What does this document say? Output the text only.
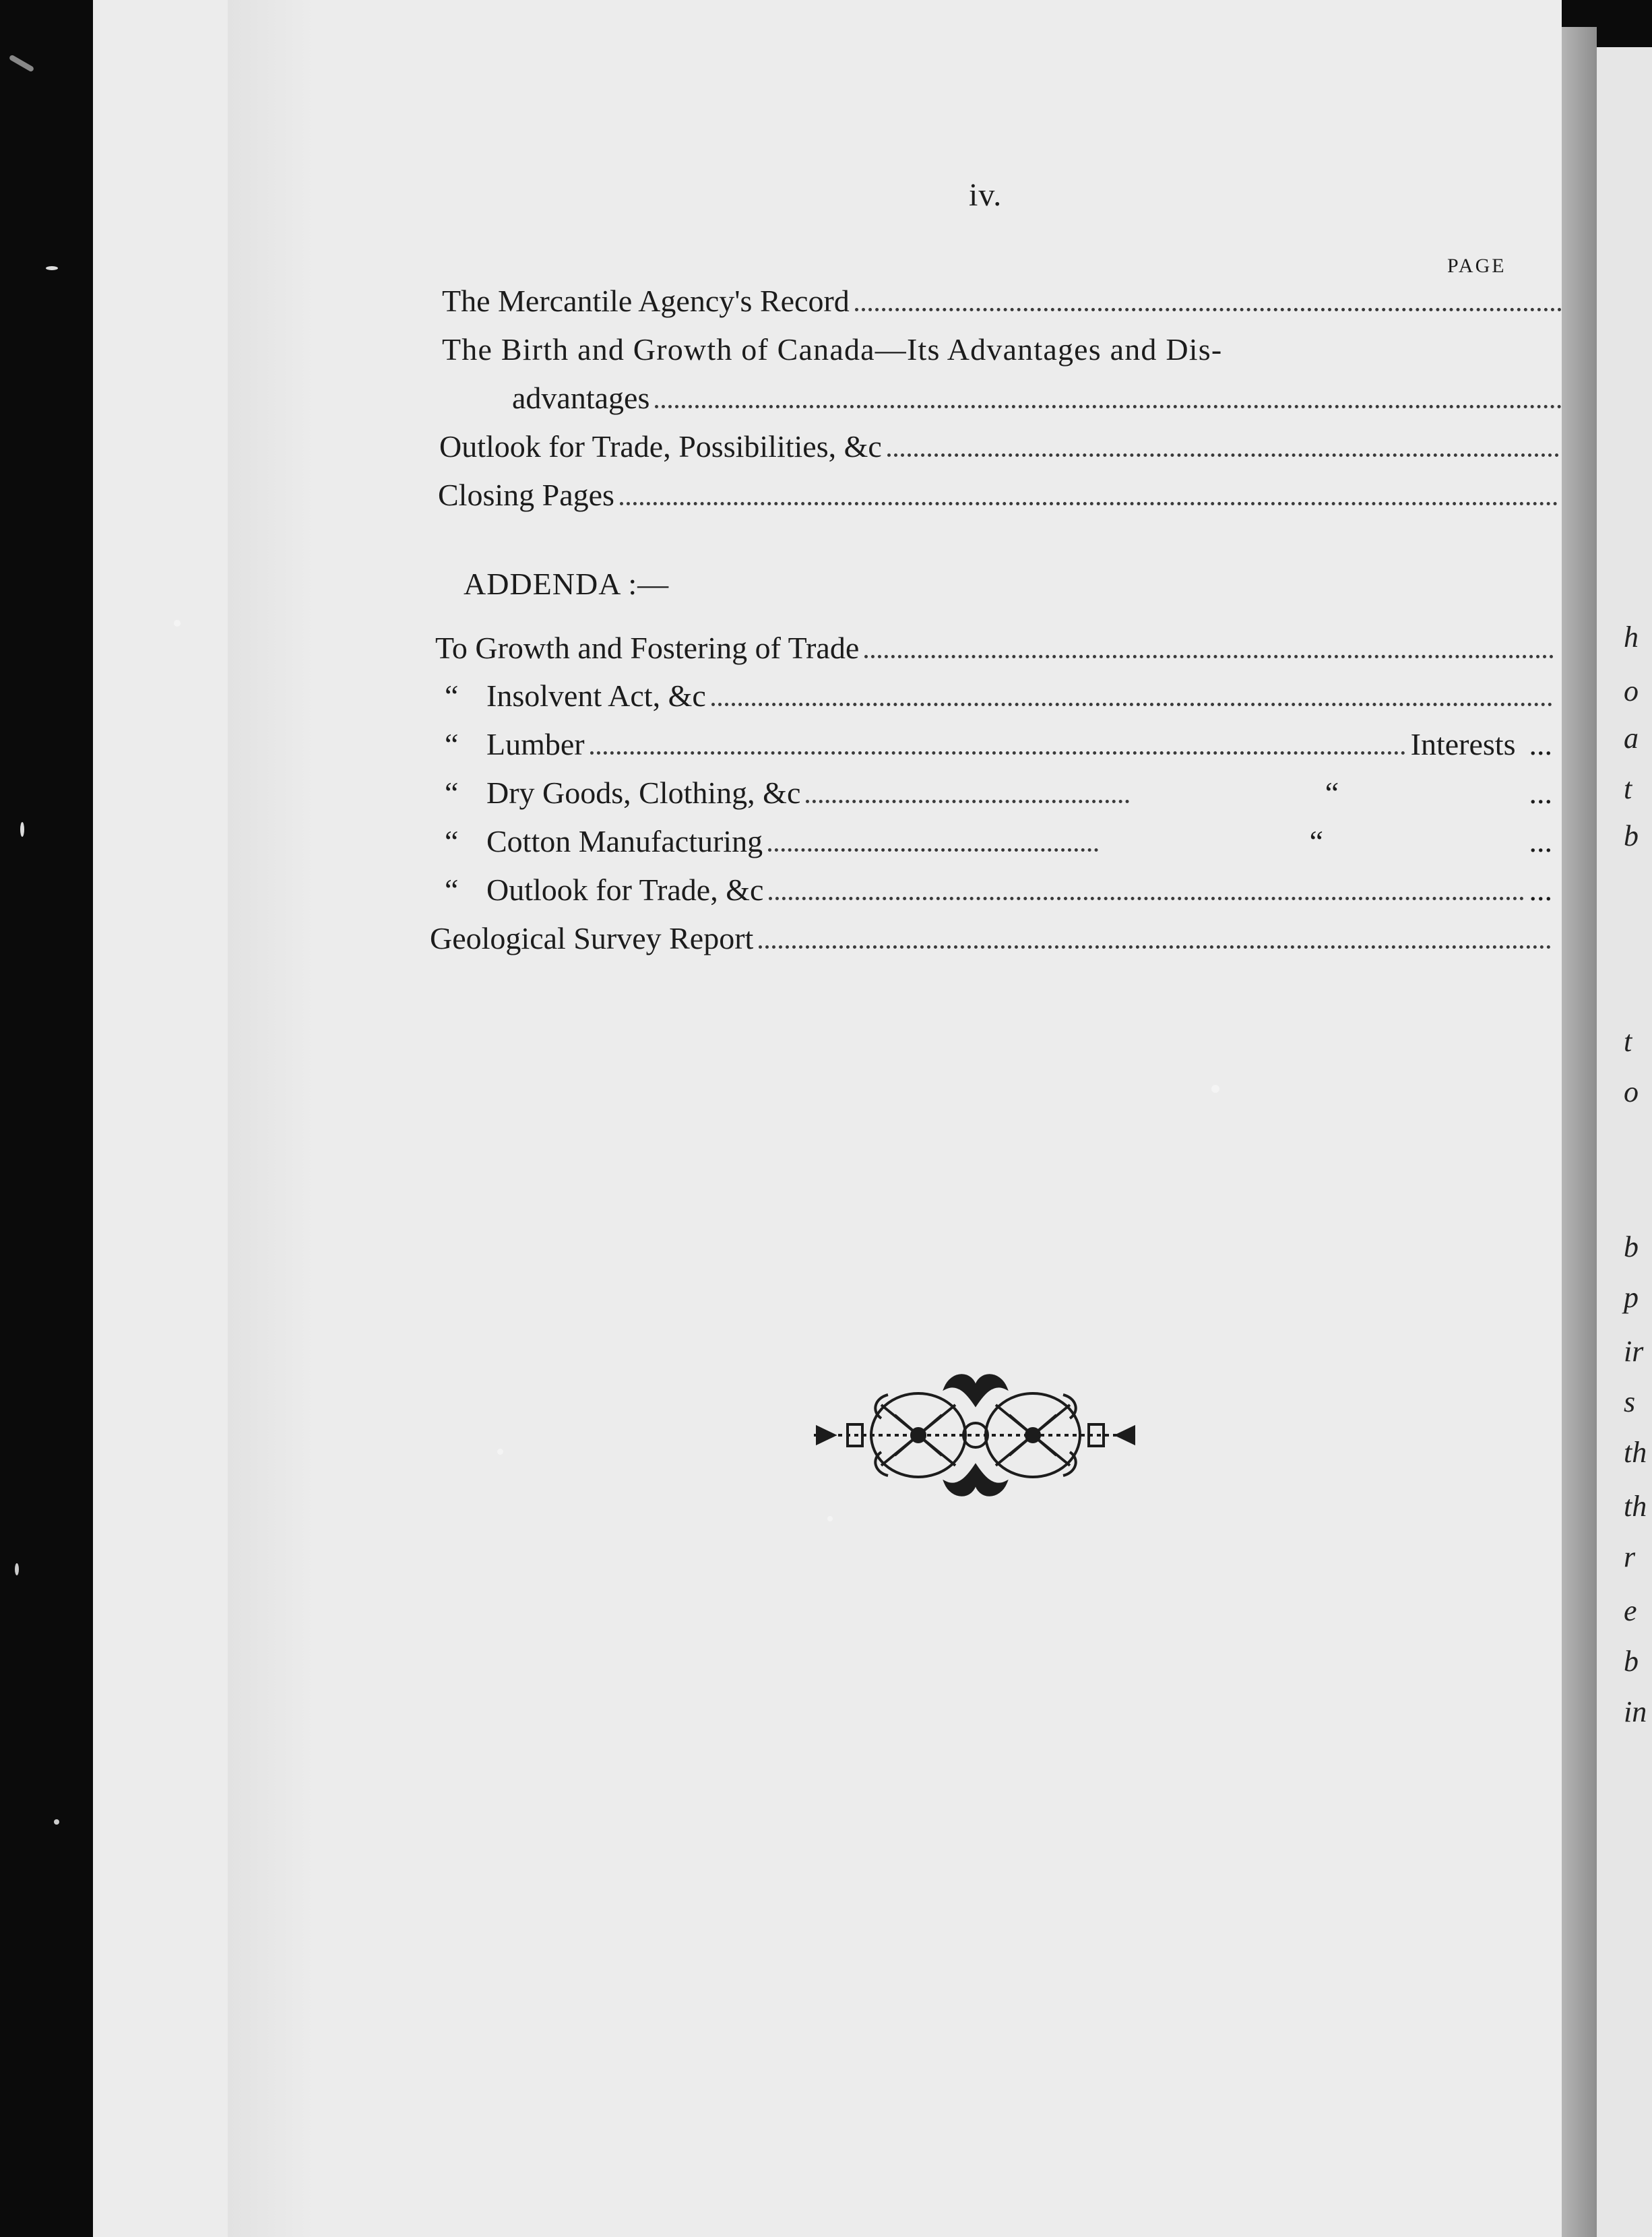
iv.
PAGE
The Mercantile Agency's Record
The Birth and Growth of Canada—Its Advantages and Dis-
advantages
Outlook for Trade, Possibilities, &c
Closing Pages
ADDENDA :—
To Growth and Fostering of Trade
“ Insolvent Act, &c
“ Lumber	Interests ...
“ Dry Goods, Clothing, &c	“	...
“ Cotton Manufacturing	“	...
“ Outlook for Trade, &c	...
Geological Survey Report
h
o
a
t
b
t
o
b
p
ir
s
th
th
r
e
b
in
